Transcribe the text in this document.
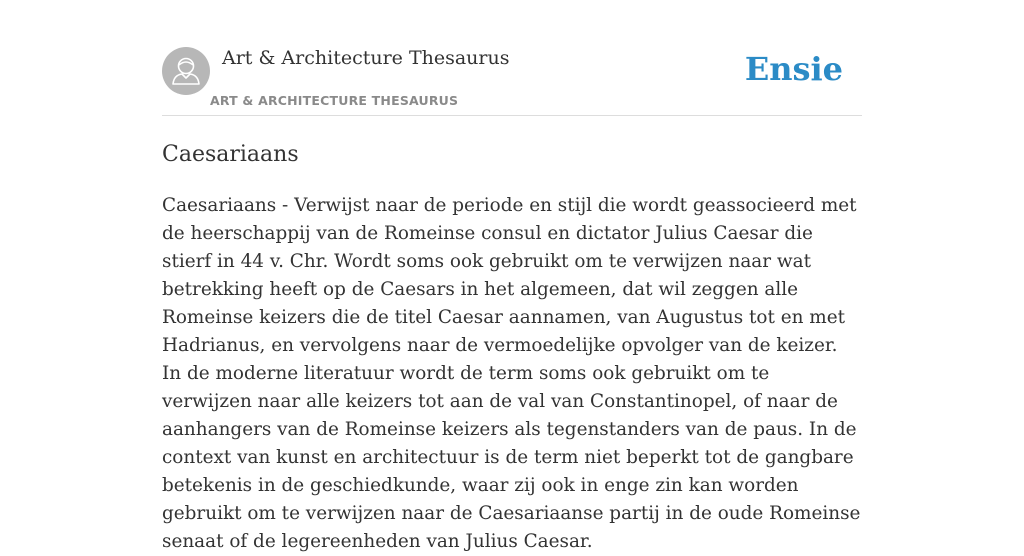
Art & Architecture Thesaurus
ART & ARCHITECTURE THESAURUS
Ensie
Caesariaans

Caesariaans - Verwijst naar de periode en stijl die wordt geassocieerd met de heerschappij van de Romeinse consul en dictator Julius Caesar die stierf in 44 v. Chr. Wordt soms ook gebruikt om te verwijzen naar wat betrekking heeft op de Caesars in het algemeen, dat wil zeggen alle Romeinse keizers die de titel Caesar aannamen, van Augustus tot en met Hadrianus, en vervolgens naar de vermoedelijke opvolger van de keizer. In de moderne literatuur wordt de term soms ook gebruikt om te verwijzen naar alle keizers tot aan de val van Constantinopel, of naar de aanhangers van de Romeinse keizers als tegenstanders van de paus. In de context van kunst en architectuur is de term niet beperkt tot de gangbare betekenis in de geschiedkunde, waar zij ook in enge zin kan worden gebruikt om te verwijzen naar de Caesariaanse partij in de oude Romeinse senaat of de legereenheden van Julius Caesar.
